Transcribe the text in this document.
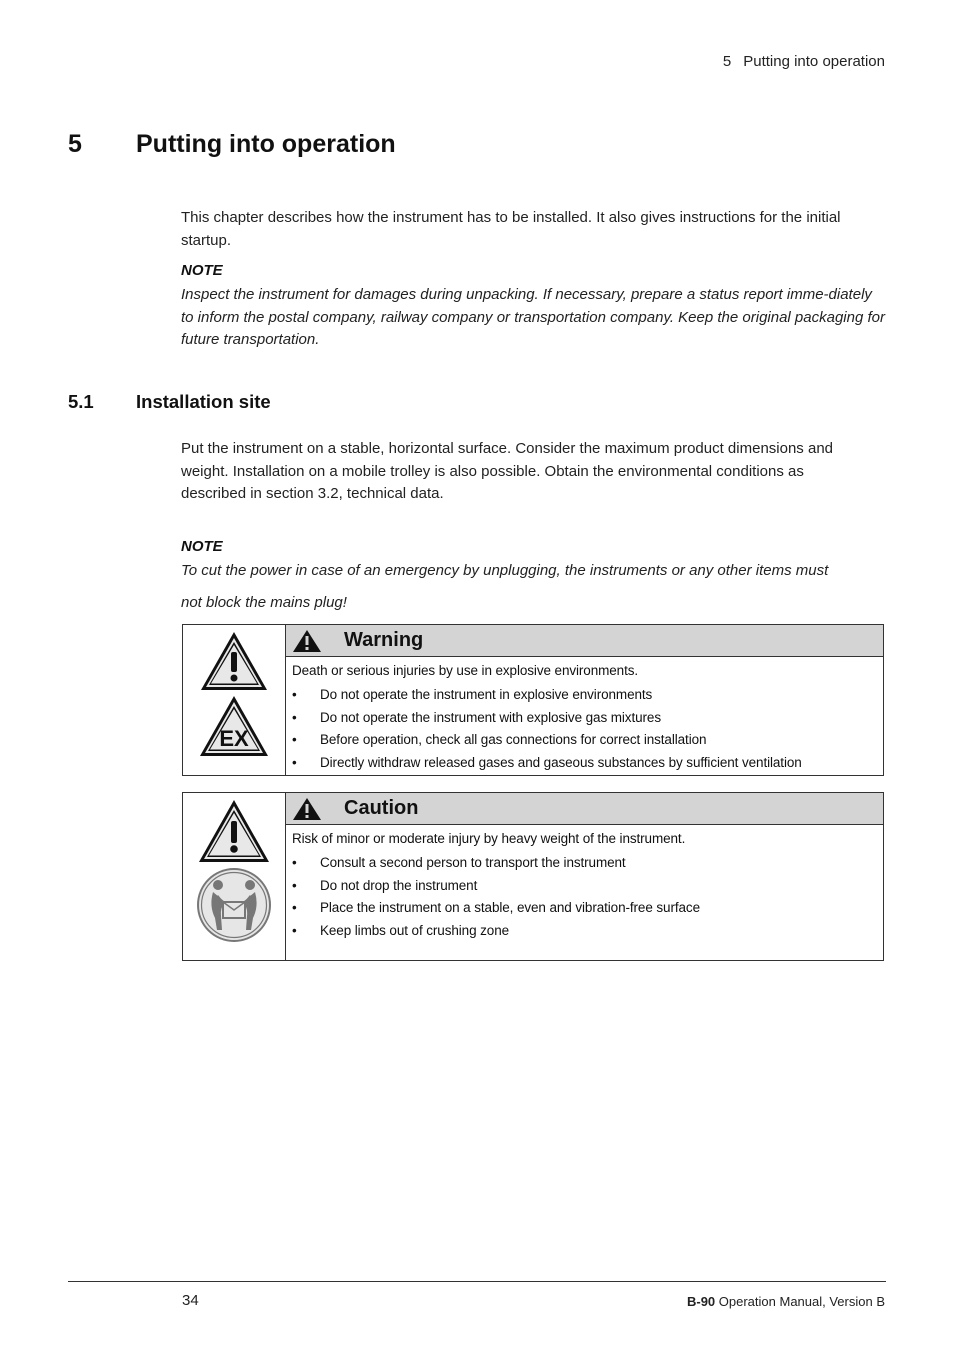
5 Putting into operation
5 Putting into operation
This chapter describes how the instrument has to be installed. It also gives instructions for the initial startup.
NOTE
Inspect the instrument for damages during unpacking. If necessary, prepare a status report imme-diately to inform the postal company, railway company or transportation company. Keep the original packaging for future transportation.
5.1 Installation site
Put the instrument on a stable, horizontal surface. Consider the maximum product dimensions and weight. Installation on a mobile trolley is also possible. Obtain the environmental conditions as described in section 3.2, technical data.
NOTE
To cut the power in case of an emergency by unplugging, the instruments or any other items must
not block the mains plug!
EX
Warning
Death or serious injuries by use in explosive environments.
• Do not operate the instrument in explosive environments
• Do not operate the instrument with explosive gas mixtures
• Before operation, check all gas connections for correct installation
• Directly withdraw released gases and gaseous substances by sufficient ventilation
Caution
Risk of minor or moderate injury by heavy weight of the instrument.
• Consult a second person to transport the instrument
• Do not drop the instrument
• Place the instrument on a stable, even and vibration-free surface
• Keep limbs out of crushing zone
34	B-90 Operation Manual, Version B
